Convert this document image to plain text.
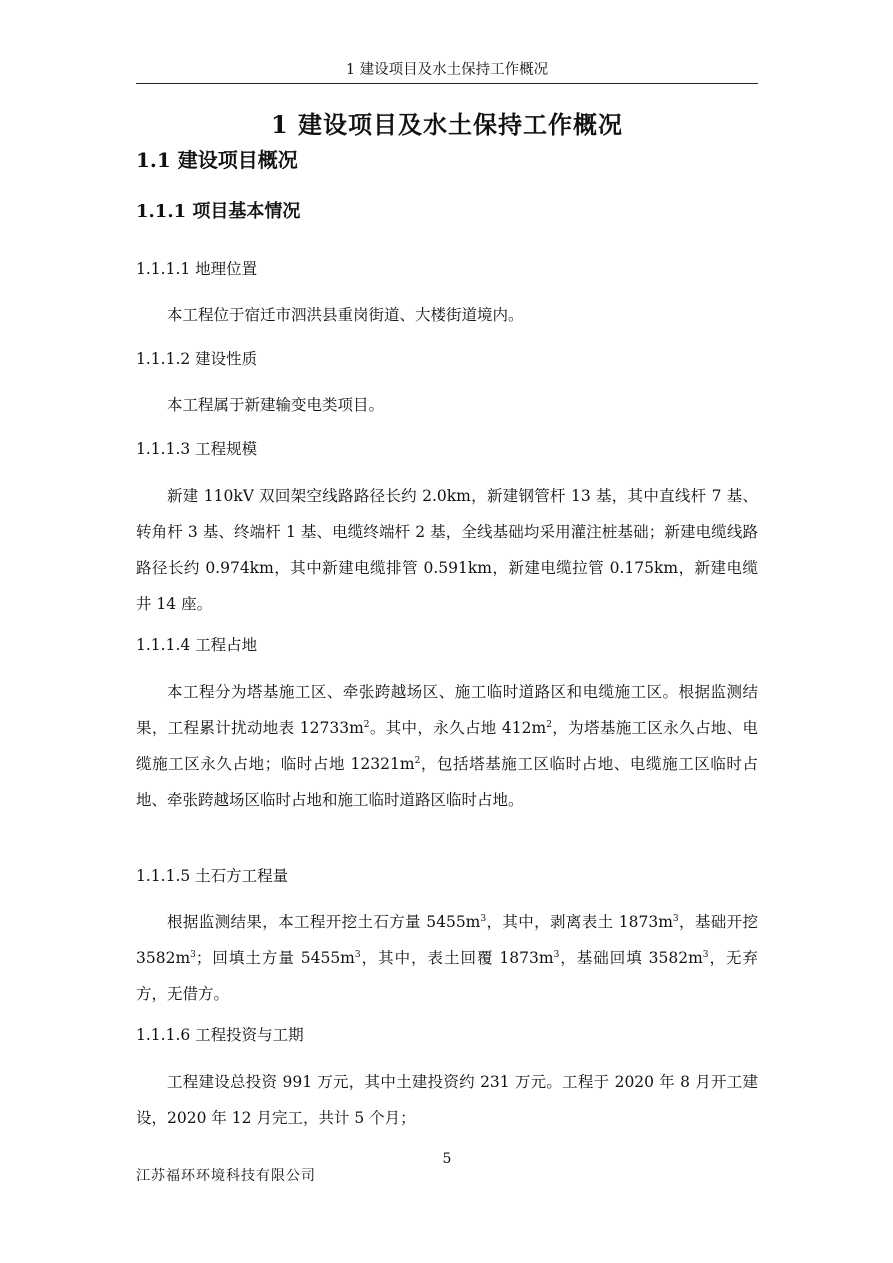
1 建设项目及水土保持工作概况
1 建设项目及水土保持工作概况
1.1 建设项目概况
1.1.1 项目基本情况
1.1.1.1 地理位置

本工程位于宿迁市泗洪县重岗街道、大楼街道境内。

1.1.1.2 建设性质

本工程属于新建输变电类项目。

1.1.1.3 工程规模

新建 110kV 双回架空线路路径长约 2.0km，新建钢管杆 13 基，其中直线杆 7 基、转角杆 3 基、终端杆 1 基、电缆终端杆 2 基，全线基础均采用灌注桩基础；新建电缆线路路径长约 0.974km，其中新建电缆排管 0.591km，新建电缆拉管 0.175km，新建电缆井 14 座。

1.1.1.4 工程占地

本工程分为塔基施工区、牵张跨越场区、施工临时道路区和电缆施工区。根据监测结果，工程累计扰动地表 $12733m^2$。其中，永久占地 $412m^2$，为塔基施工区永久占地、电缆施工区永久占地；临时占地 $12321m^2$，包括塔基施工区临时占地、电缆施工区临时占地、牵张跨越场区临时占地和施工临时道路区临时占地。

1.1.1.5 土石方工程量

根据监测结果，本工程开挖土石方量 $5455m^3$，其中，剥离表土 $1873m^3$，基础开挖 $3582m^3$；回填土方量 $5455m^3$，其中，表土回覆 $1873m^3$，基础回填 $3582m^3$，无弃方，无借方。

1.1.1.6 工程投资与工期

工程建设总投资 991 万元，其中土建投资约 231 万元。工程于 2020 年 8 月开工建设，2020 年 12 月完工，共计 5 个月；

5
江苏福环环境科技有限公司
